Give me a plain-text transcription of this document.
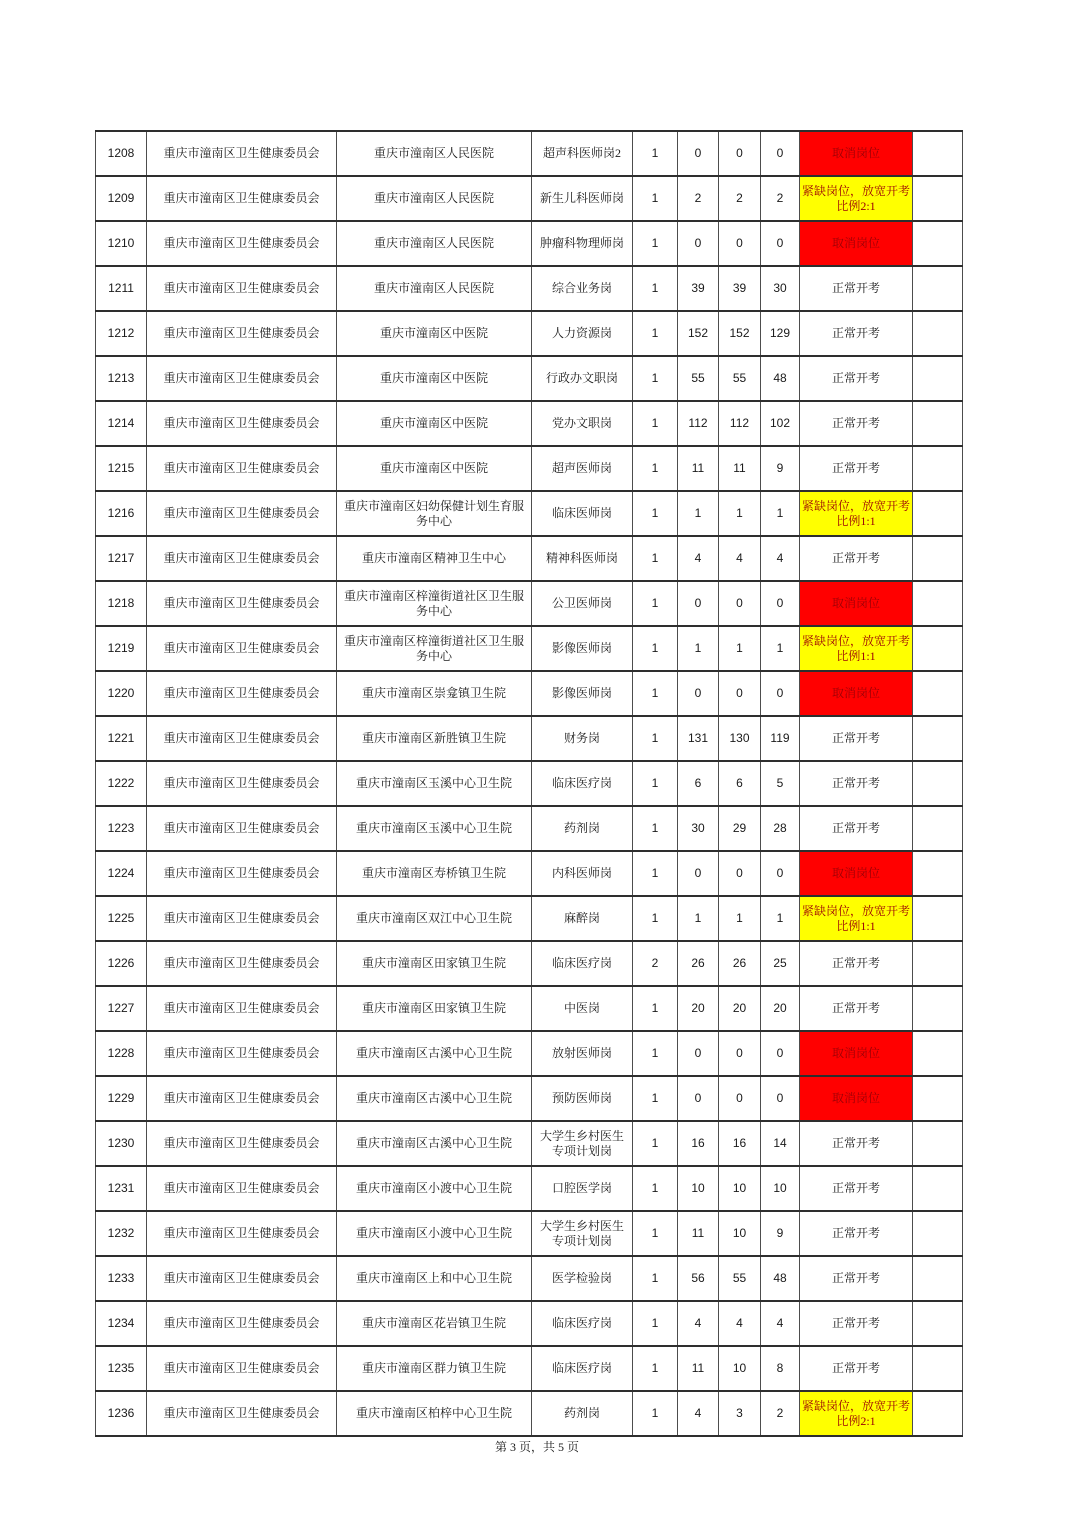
1208	重庆市潼南区卫生健康委员会	重庆市潼南区人民医院	超声科医师岗2	1	0	0	0	取消岗位	
1209	重庆市潼南区卫生健康委员会	重庆市潼南区人民医院	新生儿科医师岗	1	2	2	2	紧缺岗位，放宽开考比例2:1	
1210	重庆市潼南区卫生健康委员会	重庆市潼南区人民医院	肿瘤科物理师岗	1	0	0	0	取消岗位	
1211	重庆市潼南区卫生健康委员会	重庆市潼南区人民医院	综合业务岗	1	39	39	30	正常开考	
1212	重庆市潼南区卫生健康委员会	重庆市潼南区中医院	人力资源岗	1	152	152	129	正常开考	
1213	重庆市潼南区卫生健康委员会	重庆市潼南区中医院	行政办文职岗	1	55	55	48	正常开考	
1214	重庆市潼南区卫生健康委员会	重庆市潼南区中医院	党办文职岗	1	112	112	102	正常开考	
1215	重庆市潼南区卫生健康委员会	重庆市潼南区中医院	超声医师岗	1	11	11	9	正常开考	
1216	重庆市潼南区卫生健康委员会	重庆市潼南区妇幼保健计划生育服务中心	临床医师岗	1	1	1	1	紧缺岗位，放宽开考比例1:1	
1217	重庆市潼南区卫生健康委员会	重庆市潼南区精神卫生中心	精神科医师岗	1	4	4	4	正常开考	
1218	重庆市潼南区卫生健康委员会	重庆市潼南区梓潼街道社区卫生服务中心	公卫医师岗	1	0	0	0	取消岗位	
1219	重庆市潼南区卫生健康委员会	重庆市潼南区梓潼街道社区卫生服务中心	影像医师岗	1	1	1	1	紧缺岗位，放宽开考比例1:1	
1220	重庆市潼南区卫生健康委员会	重庆市潼南区崇龛镇卫生院	影像医师岗	1	0	0	0	取消岗位	
1221	重庆市潼南区卫生健康委员会	重庆市潼南区新胜镇卫生院	财务岗	1	131	130	119	正常开考	
1222	重庆市潼南区卫生健康委员会	重庆市潼南区玉溪中心卫生院	临床医疗岗	1	6	6	5	正常开考	
1223	重庆市潼南区卫生健康委员会	重庆市潼南区玉溪中心卫生院	药剂岗	1	30	29	28	正常开考	
1224	重庆市潼南区卫生健康委员会	重庆市潼南区寿桥镇卫生院	内科医师岗	1	0	0	0	取消岗位	
1225	重庆市潼南区卫生健康委员会	重庆市潼南区双江中心卫生院	麻醉岗	1	1	1	1	紧缺岗位，放宽开考比例1:1	
1226	重庆市潼南区卫生健康委员会	重庆市潼南区田家镇卫生院	临床医疗岗	2	26	26	25	正常开考	
1227	重庆市潼南区卫生健康委员会	重庆市潼南区田家镇卫生院	中医岗	1	20	20	20	正常开考	
1228	重庆市潼南区卫生健康委员会	重庆市潼南区古溪中心卫生院	放射医师岗	1	0	0	0	取消岗位	
1229	重庆市潼南区卫生健康委员会	重庆市潼南区古溪中心卫生院	预防医师岗	1	0	0	0	取消岗位	
1230	重庆市潼南区卫生健康委员会	重庆市潼南区古溪中心卫生院	大学生乡村医生专项计划岗	1	16	16	14	正常开考	
1231	重庆市潼南区卫生健康委员会	重庆市潼南区小渡中心卫生院	口腔医学岗	1	10	10	10	正常开考	
1232	重庆市潼南区卫生健康委员会	重庆市潼南区小渡中心卫生院	大学生乡村医生专项计划岗	1	11	10	9	正常开考	
1233	重庆市潼南区卫生健康委员会	重庆市潼南区上和中心卫生院	医学检验岗	1	56	55	48	正常开考	
1234	重庆市潼南区卫生健康委员会	重庆市潼南区花岩镇卫生院	临床医疗岗	1	4	4	4	正常开考	
1235	重庆市潼南区卫生健康委员会	重庆市潼南区群力镇卫生院	临床医疗岗	1	11	10	8	正常开考	
1236	重庆市潼南区卫生健康委员会	重庆市潼南区柏梓中心卫生院	药剂岗	1	4	3	2	紧缺岗位，放宽开考比例2:1	
第 3 页，共 5 页
